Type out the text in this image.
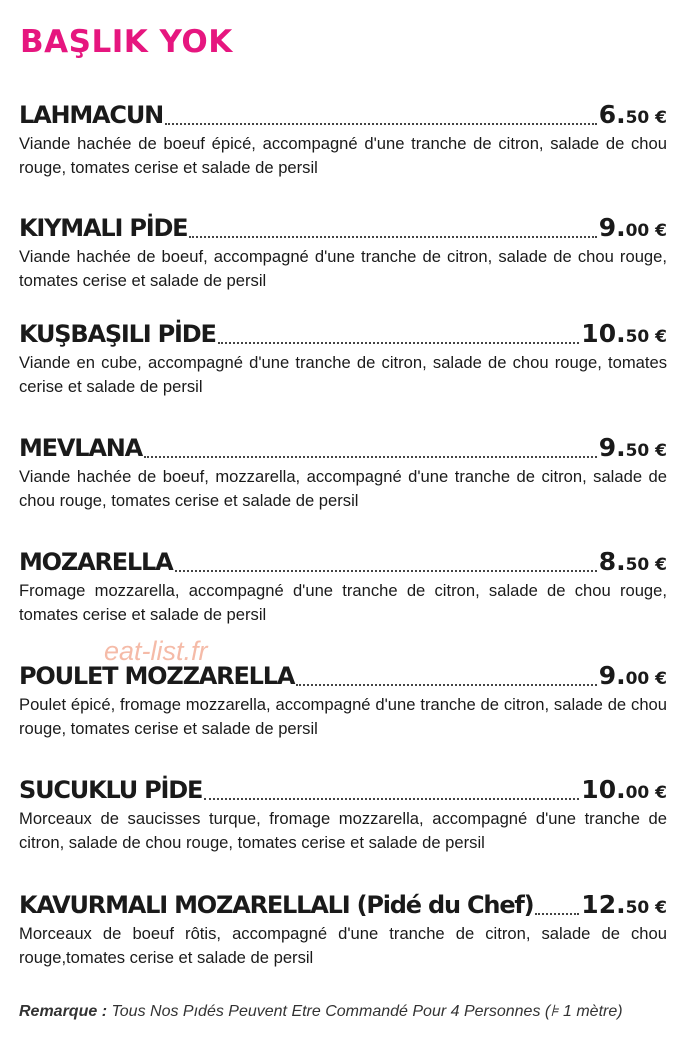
BAŞLIK YOK
LAHMACUN	6.50 €
Viande hachée de boeuf épicé, accompagné d'une tranche de citron, salade de chou rouge, tomates cerise et salade de persil
KIYMALI PİDE	9.00 €
Viande hachée de boeuf, accompagné d'une tranche de citron, salade de chou rouge, tomates cerise et salade de persil
KUŞBAŞILI PİDE	10.50 €
Viande en cube, accompagné d'une tranche de citron, salade de chou rouge, tomates cerise et salade de persil
MEVLANA	9.50 €
Viande hachée de boeuf, mozzarella, accompagné d'une tranche de citron, salade de chou rouge, tomates cerise et salade de persil
MOZARELLA	8.50 €
Fromage mozzarella, accompagné d'une tranche de citron, salade de chou rouge, tomates cerise et salade de persil
eat-list.fr
POULET MOZZARELLA	9.00 €
Poulet épicé, fromage mozzarella, accompagné d'une tranche de citron, salade de chou rouge, tomates cerise et salade de persil
SUCUKLU PİDE	10.00 €
Morceaux de saucisses turque, fromage mozzarella, accompagné d'une tranche de citron, salade de chou rouge, tomates cerise et salade de persil
KAVURMALI MOZARELLALI (Pidé du Chef) 12.50 €
Morceaux de boeuf rôtis, accompagné d'une tranche de citron, salade de chou rouge,tomates cerise et salade de persil
Remarque : Tous Nos Pıdés Peuvent Etre Commandé Pour 4 Personnes (⊧ 1 mètre)
